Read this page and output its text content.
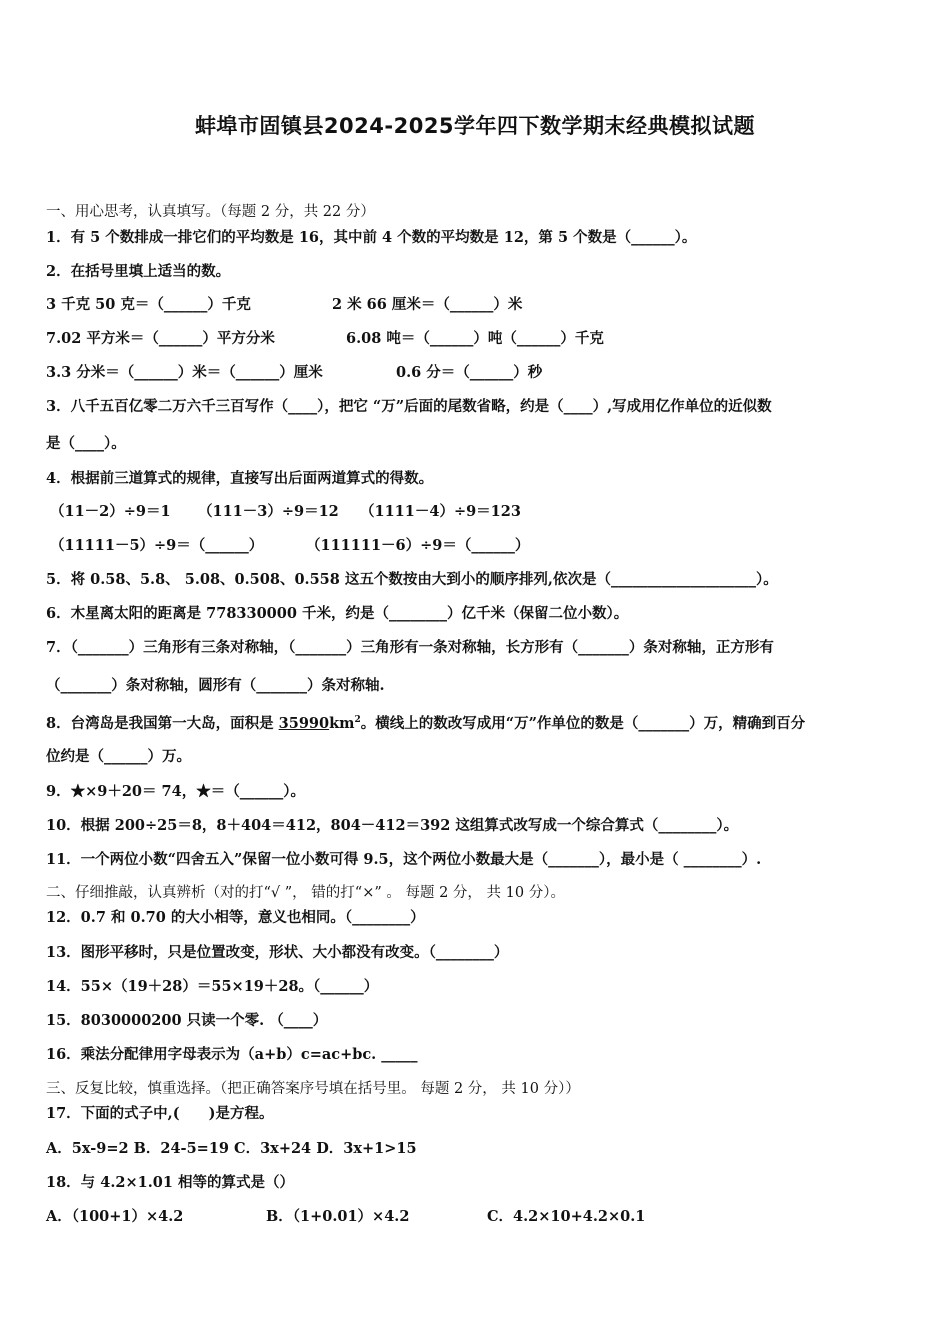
蚌埠市固镇县2024-2025学年四下数学期末经典模拟试题
一、用心思考，认真填写。（每题 2 分，共 22 分）
1．有 5 个数排成一排它们的平均数是 16，其中前 4 个数的平均数是 12，第 5 个数是（______）。
2．在括号里填上适当的数。
3 千克 50 克＝（______）千克	2 米 66 厘米＝（______）米
7.02 平方米＝（______）平方分米	6.08 吨＝（______）吨（______）千克
3.3 分米＝（______）米＝（______）厘米	0.6 分＝（______）秒
3．八千五百亿零二万六千三百写作（____），把它 “万”后面的尾数省略，约是（____）,写成用亿作单位的近似数
是（____）。
4．根据前三道算式的规律，直接写出后面两道算式的得数。
（11－2）÷9＝1 （111－3）÷9＝12 （1111－4）÷9＝123
（11111－5）÷9＝（______）	（111111－6）÷9＝（______）
5．将 0.58、5.8、 5.08、0.508、0.558 这五个数按由大到小的顺序排列,依次是（____________________）。
6．木星离太阳的距离是 778330000 千米，约是（________）亿千米（保留二位小数）。
7．（_______）三角形有三条对称轴，（_______）三角形有一条对称轴，长方形有（_______）条对称轴，正方形有
（_______）条对称轴，圆形有（_______）条对称轴.
8．台湾岛是我国第一大岛，面积是 $35990km^2$。横线上的数改写成用“万”作单位的数是（_______）万，精确到百分
位约是（______）万。
9．★×9＋20＝ 74，★＝（______）。
10．根据 200÷25＝8，8＋404＝412，804－412＝392 这组算式改写成一个综合算式（________）。
11．一个两位小数“四舍五入”保留一位小数可得 9.5，这个两位小数最大是（_______），最小是（ ________）.
二、仔细推敲，认真辨析（对的打“√ ”， 错的打“×” 。 每题 2 分， 共 10 分）。
12．0.7 和 0.70 的大小相等，意义也相同。（________）
13．图形平移时，只是位置改变，形状、大小都没有改变。（________）
14．55×（19＋28）＝55×19＋28。（______）
15．8030000200 只读一个零. （____）
16．乘法分配律用字母表示为（a+b）c=ac+bc. _____
三、反复比较，慎重选择。（把正确答案序号填在括号里。 每题 2 分， 共 10 分））
17．下面的式子中,(　　)是方程。
A．5x-9=2 B．24-5=19 C．3x+24 D．3x+1>15
18．与 4.2×1.01 相等的算式是（）
A．（100+1）×4.2	B．（1+0.01）×4.2	C．4.2×10+4.2×0.1
